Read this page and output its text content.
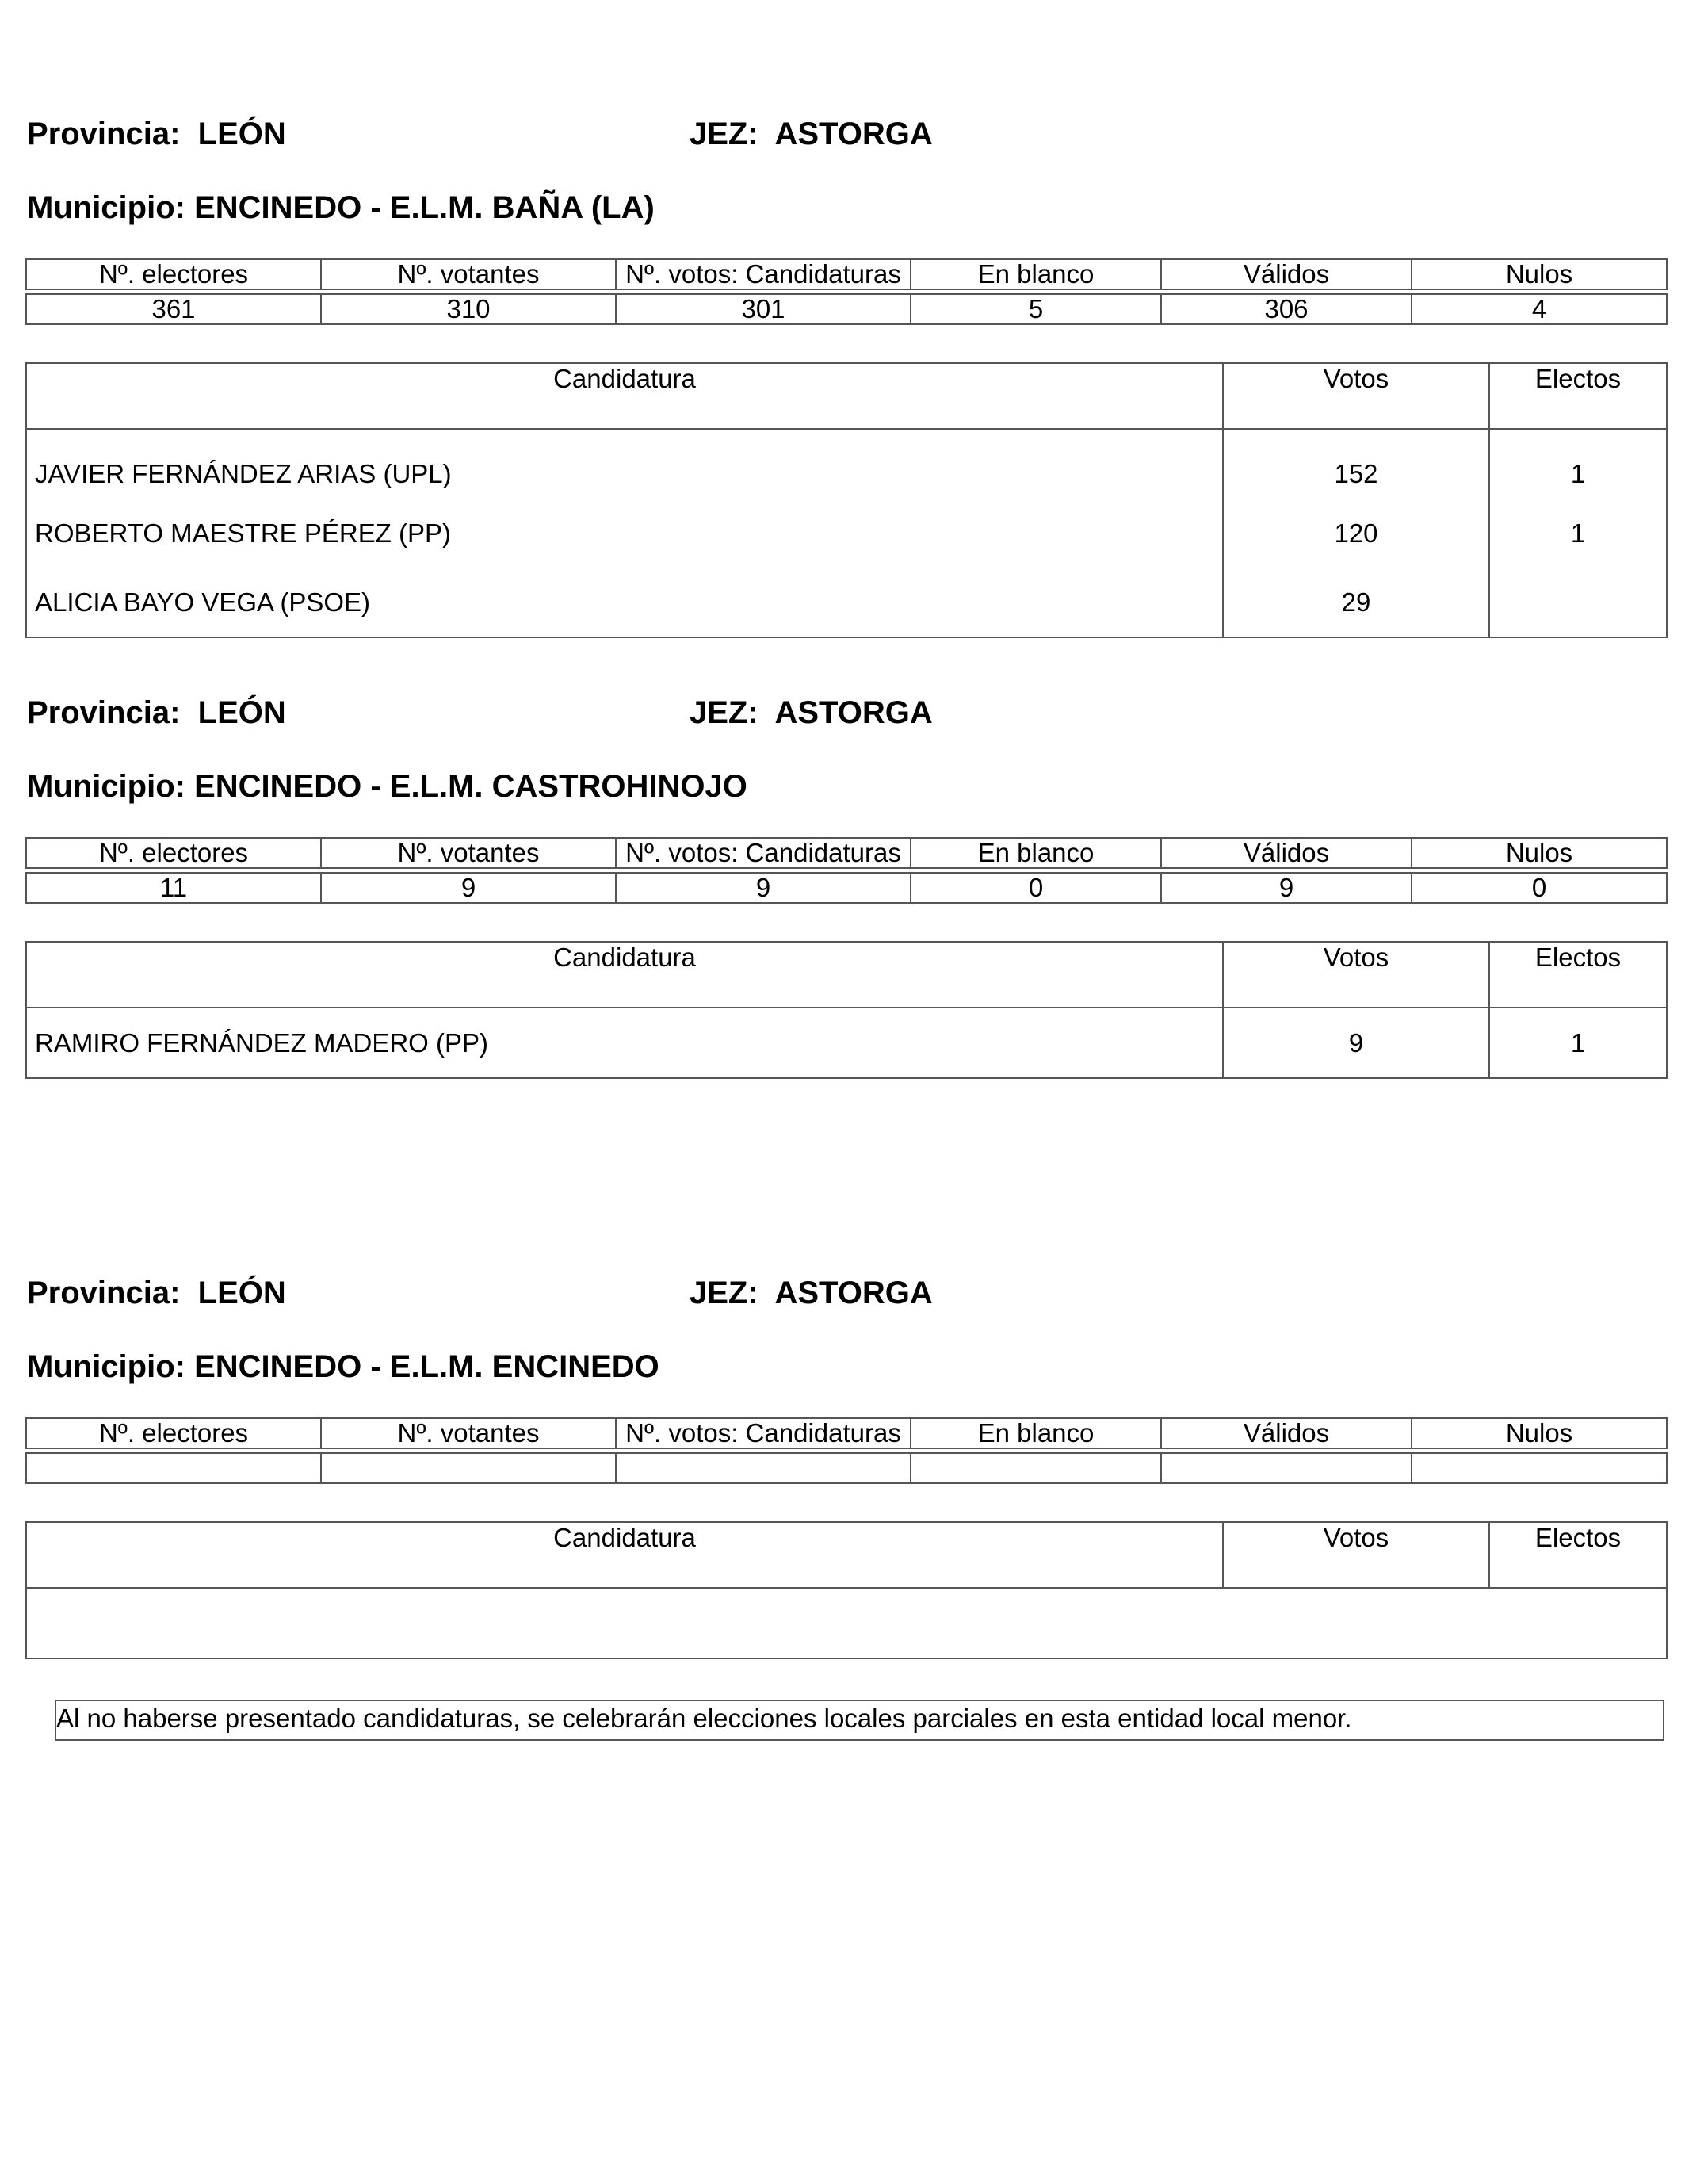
Provincia: LEÓN	JEZ: ASTORGA
Municipio: ENCINEDO - E.L.M. BAÑA (LA)
Nº. electores	Nº. votantes	Nº. votos: Candidaturas	En blanco	Válidos	Nulos

361	310	301	5	306	4
Candidatura	Votos	Electos
JAVIER FERNÁNDEZ ARIAS (UPL)	152	1
ROBERTO MAESTRE PÉREZ (PP)	120	1
ALICIA BAYO VEGA (PSOE)	29	
Provincia: LEÓN	JEZ: ASTORGA
Municipio: ENCINEDO - E.L.M. CASTROHINOJO
Nº. electores	Nº. votantes	Nº. votos: Candidaturas	En blanco	Válidos	Nulos

11	9	9	0	9	0
Candidatura	Votos	Electos
RAMIRO FERNÁNDEZ MADERO (PP)	9	1
Provincia: LEÓN	JEZ: ASTORGA
Municipio: ENCINEDO - E.L.M. ENCINEDO
Nº. electores	Nº. votantes	Nº. votos: Candidaturas	En blanco	Válidos	Nulos

Candidatura	Votos	Electos

Al no haberse presentado candidaturas, se celebrarán elecciones locales parciales en esta entidad local menor.
